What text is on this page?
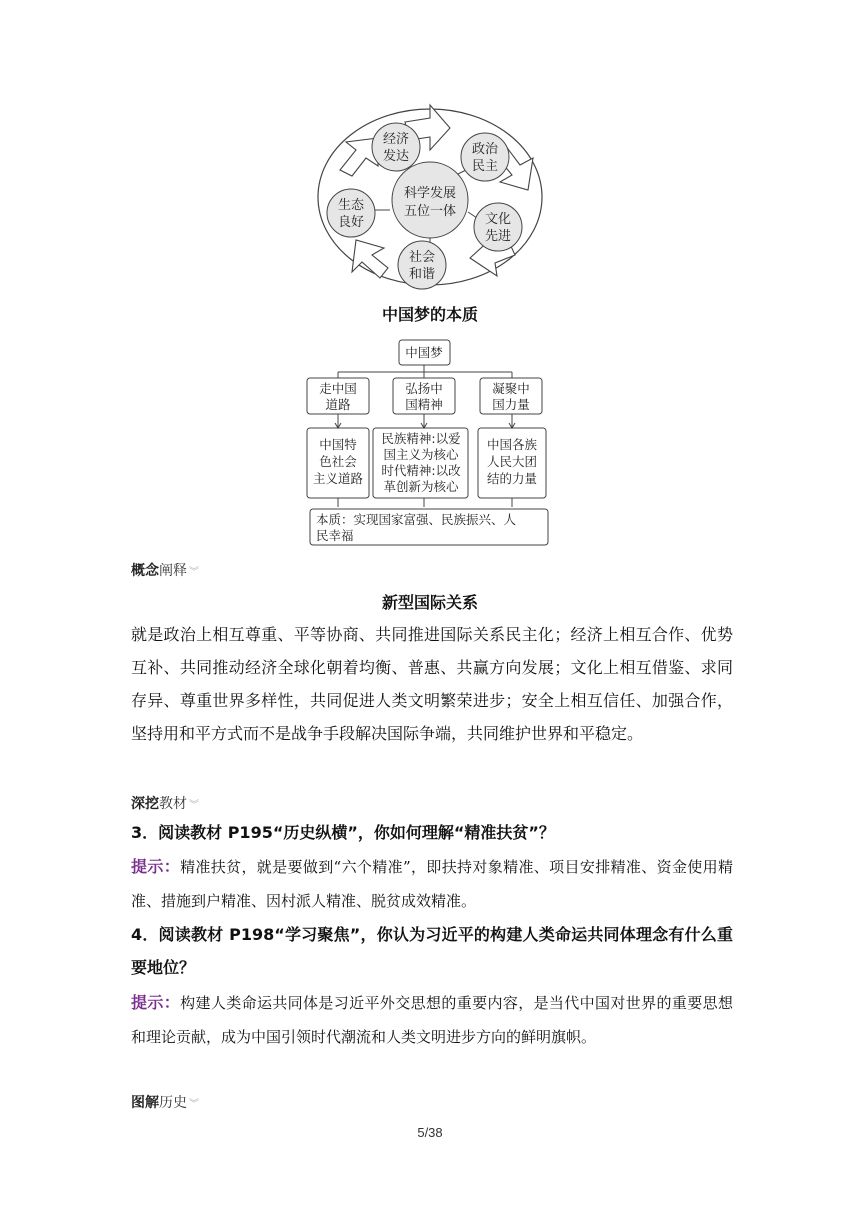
科学发展
五位一体
经济
发达	政治
民主
文化
先进
社会
和谐
生态
良好
中国梦的本质
中国梦
走中国
道路
弘扬中
国精神
凝聚中
国力量
中国特
色社会
主义道路
民族精神:以爱
国主义为核心
时代精神:以改
革创新为核心
中国各族
人民大团
结的力量
本质：实现国家富强、民族振兴、人
民幸福
概念阐释 ︾
新型国际关系
就是政治上相互尊重、平等协商、共同推进国际关系民主化；经济上相互合作、优势互补、共同推动经济全球化朝着均衡、普惠、共赢方向发展；文化上相互借鉴、求同存异、尊重世界多样性，共同促进人类文明繁荣进步；安全上相互信任、加强合作，坚持用和平方式而不是战争手段解决国际争端，共同维护世界和平稳定。
深挖教材 ︾
3．阅读教材 P195“历史纵横”，你如何理解“精准扶贫”？
提示：精准扶贫，就是要做到“六个精准”，即扶持对象精准、项目安排精准、资金使用精准、措施到户精准、因村派人精准、脱贫成效精准。
4．阅读教材 P198“学习聚焦”，你认为习近平的构建人类命运共同体理念有什么重要地位？
提示：构建人类命运共同体是习近平外交思想的重要内容，是当代中国对世界的重要思想和理论贡献，成为中国引领时代潮流和人类文明进步方向的鲜明旗帜。
图解历史 ︾
5/38
